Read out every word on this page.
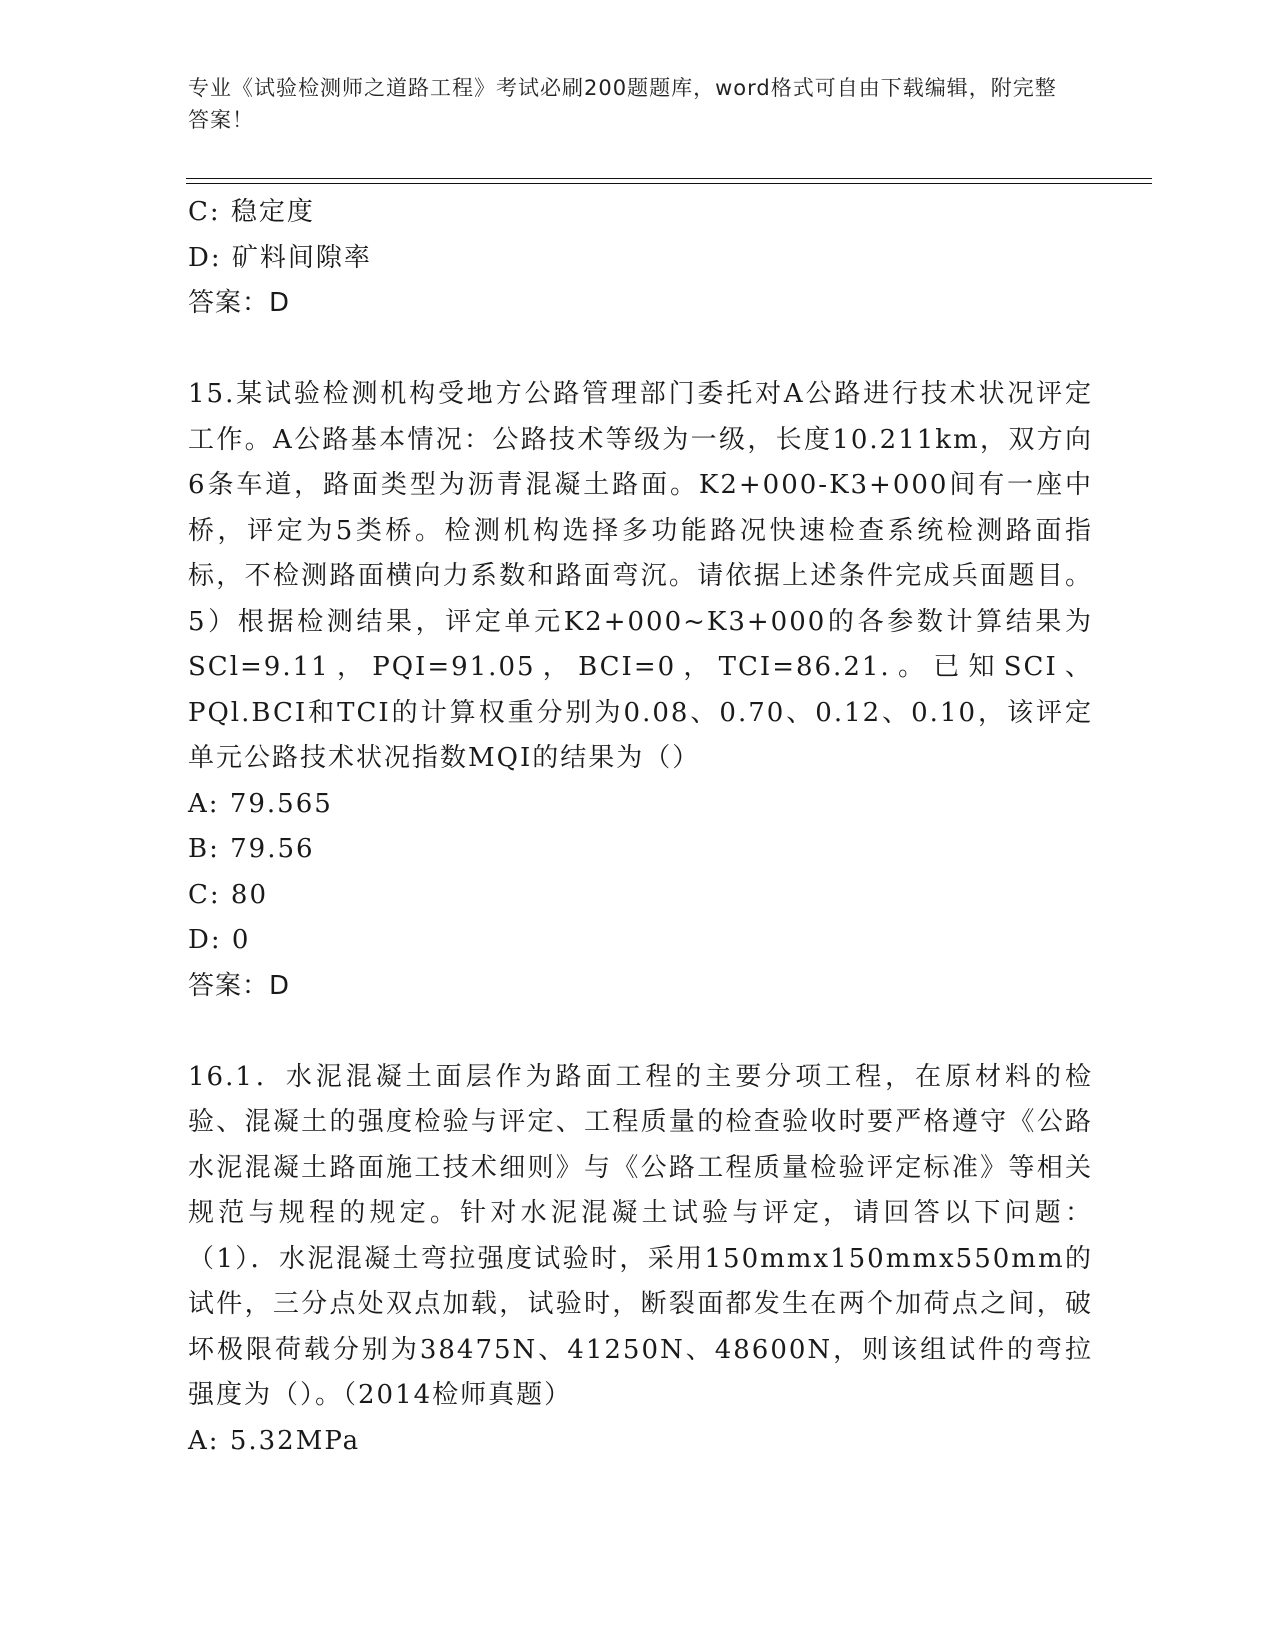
专业《试验检测师之道路工程》考试必刷200题题库，word格式可自由下载编辑，附完整答案！
C: 稳定度
D: 矿料间隙率
答案：D

15.某试验检测机构受地方公路管理部门委托对A公路进行技术状况评定工作。A公路基本情况：公路技术等级为一级，长度10.211km，双方向6条车道，路面类型为沥青混凝土路面。K2+000-K3+000间有一座中桥，评定为5类桥。检测机构选择多功能路况快速检查系统检测路面指标，不检测路面横向力系数和路面弯沉。请依据上述条件完成兵面题目。5）根据检测结果，评定单元K2+000~K3+000的各参数计算结果为SCl=9.11，PQI=91.05，BCI=0，TCI=86.21.。已知SCI、PQl.BCI和TCI的计算权重分别为0.08、0.70、0.12、0.10，该评定单元公路技术状况指数MQI的结果为（）

A: 79.565
B: 79.56
C: 80
D: 0
答案：D

16.1．水泥混凝土面层作为路面工程的主要分项工程，在原材料的检验、混凝土的强度检验与评定、工程质量的检查验收时要严格遵守《公路水泥混凝土路面施工技术细则》与《公路工程质量检验评定标准》等相关规范与规程的规定。针对水泥混凝土试验与评定，请回答以下问题：（1）．水泥混凝土弯拉强度试验时，采用150mmx150mmx550mm的试件，三分点处双点加载，试验时，断裂面都发生在两个加荷点之间，破坏极限荷载分别为38475N、41250N、48600N，则该组试件的弯拉强度为（）。（2014检师真题）

A: 5.32MPa
